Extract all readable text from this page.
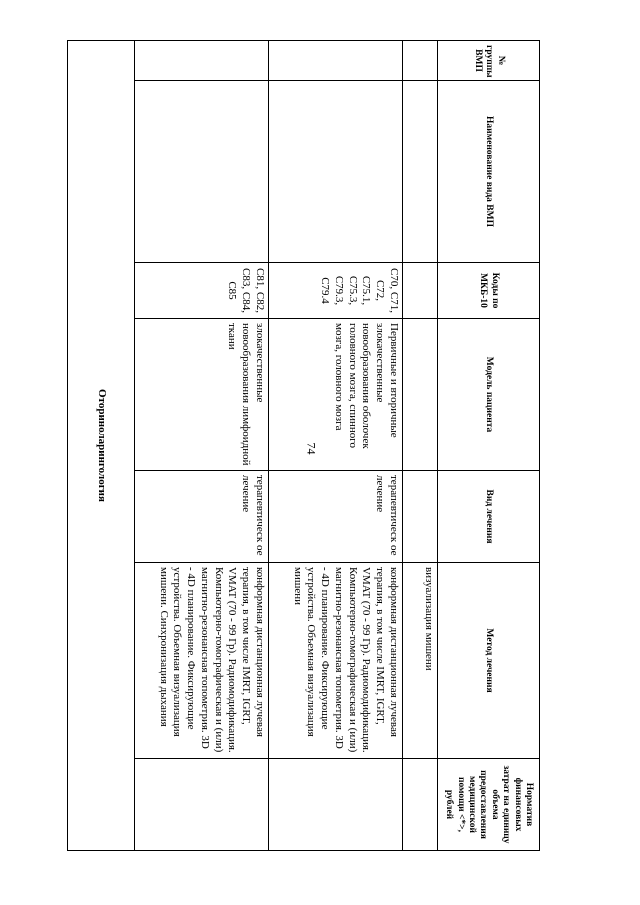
74
№ группы ВМП	Наименование вида ВМП	Коды по МКБ-10	Модель пациента	Вид лечения	Метод лечения	Норматив финансовых затрат на единицу объема предоставления медицинской помощи <*>, рублей
					визуализация мишени	
		C70, C71, C72, C75.1, C75.3, C79.3, C79.4	Первичные и вторичные злокачественные новообразования оболочек головного мозга, спинного мозга, головного мозга	терапевтическ ое лечение	конформная дистанционная лучевая терапия, в том числе IMRT, IGRT, VMAT (70 - 99 Гр). Радиомодификация. Компьютерно-томографическая и (или) магнитно-резонансная топометрия. 3D - 4D планирование. Фиксирующие устройства. Объемная визуализация мишени	
		C81, C82, C83, C84, C85	злокачественные новообразования лимфоидной ткани	терапевтическ ое лечение	конформная дистанционная лучевая терапия, в том числе IMRT, IGRT, VMAT (70 - 99 Гр). Радиомодификация. Компьютерно-томографическая и (или) магнитно-резонансная топометрия. 3D - 4D планирование. Фиксирующие устройства. Объемная визуализация мишени. Синхронизация дыхания	
Оториноларингология						
